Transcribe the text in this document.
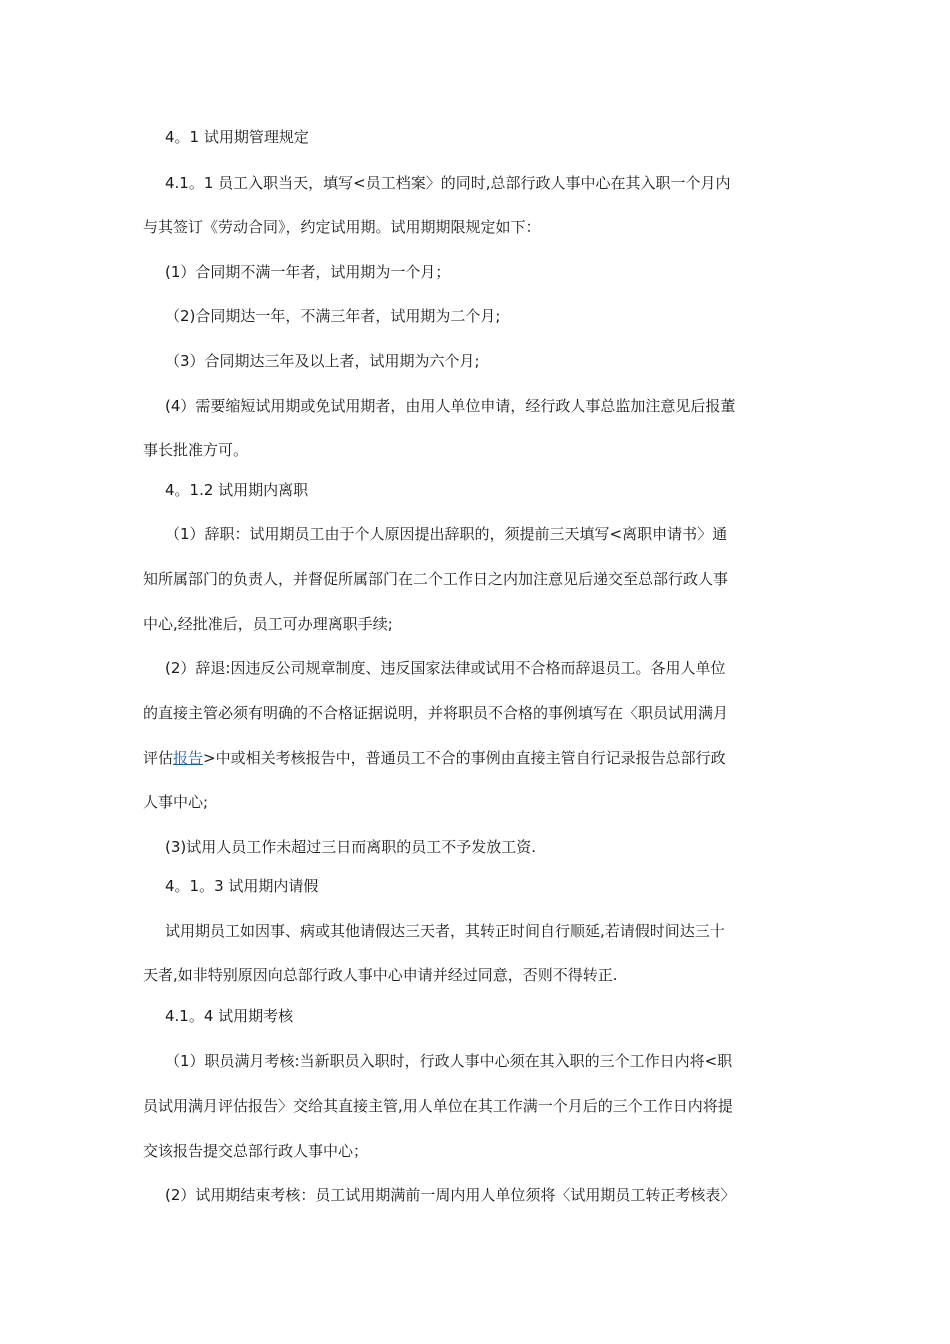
4。1 试用期管理规定
4.1。1 员工入职当天，填写<员工档案〉的同时,总部行政人事中心在其入职一个月内
与其签订《劳动合同》，约定试用期。试用期期限规定如下：
(1）合同期不满一年者，试用期为一个月；
（2)合同期达一年，不满三年者，试用期为二个月;
（3）合同期达三年及以上者，试用期为六个月;
(4）需要缩短试用期或免试用期者，由用人单位申请，经行政人事总监加注意见后报董
事长批准方可。
4。1.2 试用期内离职
（1）辞职：试用期员工由于个人原因提出辞职的，须提前三天填写<离职申请书〉通
知所属部门的负责人，并督促所属部门在二个工作日之内加注意见后递交至总部行政人事
中心,经批准后，员工可办理离职手续;
(2）辞退:因违反公司规章制度、违反国家法律或试用不合格而辞退员工。各用人单位
的直接主管必须有明确的不合格证据说明，并将职员不合格的事例填写在〈职员试用满月
评估报告>中或相关考核报告中，普通员工不合的事例由直接主管自行记录报告总部行政
人事中心;
(3)试用人员工作未超过三日而离职的员工不予发放工资.
4。1。3 试用期内请假
试用期员工如因事、病或其他请假达三天者，其转正时间自行顺延,若请假时间达三十
天者,如非特别原因向总部行政人事中心申请并经过同意，否则不得转正.
4.1。4 试用期考核
（1）职员满月考核:当新职员入职时，行政人事中心须在其入职的三个工作日内将<职
员试用满月评估报告〉交给其直接主管,用人单位在其工作满一个月后的三个工作日内将提
交该报告提交总部行政人事中心；
(2）试用期结束考核：员工试用期满前一周内用人单位须将〈试用期员工转正考核表〉
